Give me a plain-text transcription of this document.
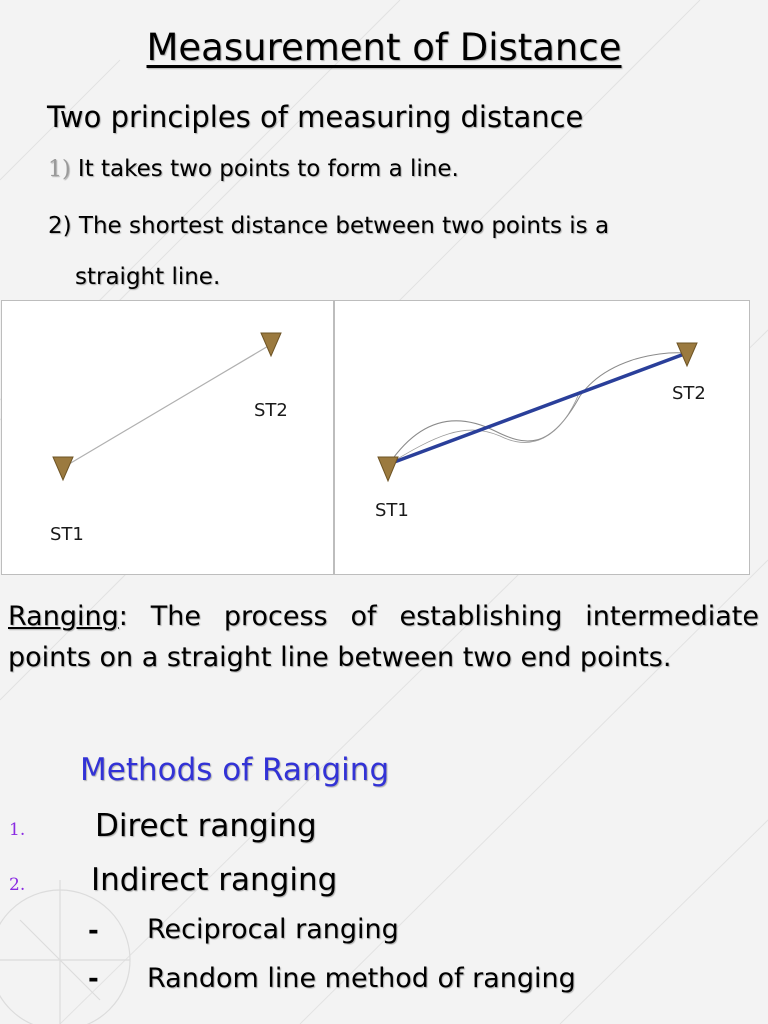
Measurement of Distance
Two principles of measuring distance
1) It takes two points to form a line.
2) The shortest distance between two points is a
straight line.
ST2
ST1
ST2
ST1
Ranging: The process of establishing intermediate points on a straight line between two end points.
Methods of Ranging
1. Direct ranging
2. Indirect ranging
- Reciprocal ranging
- Random line method of ranging
